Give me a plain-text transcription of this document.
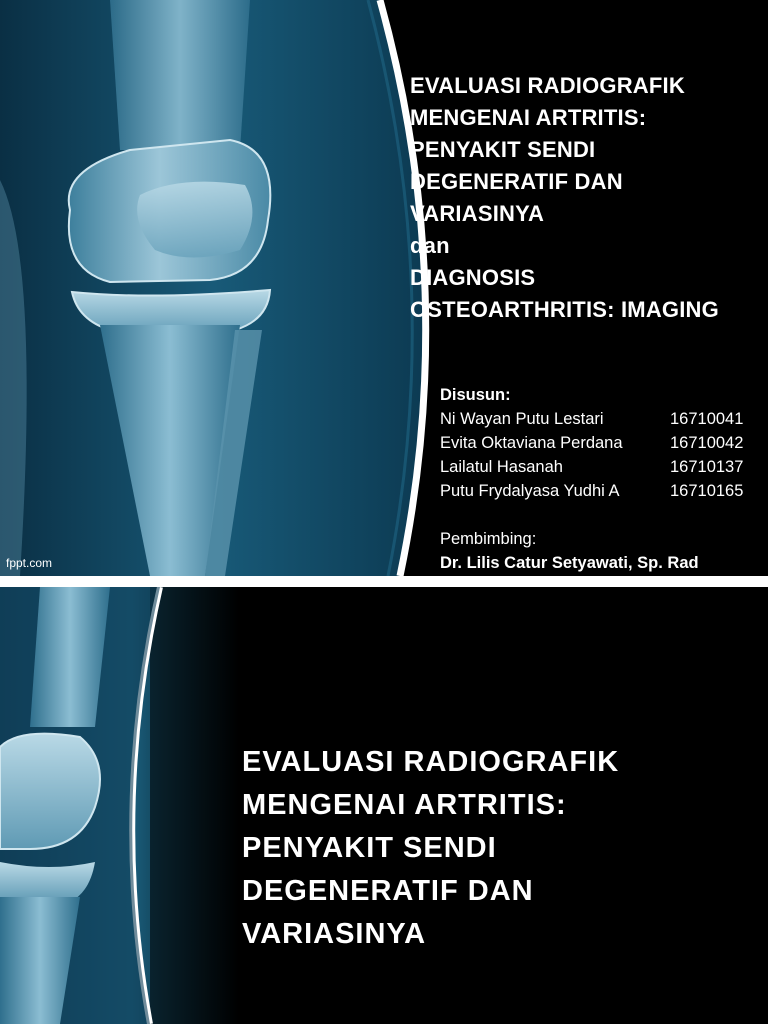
EVALUASI RADIOGRAFIK
MENGENAI ARTRITIS:
PENYAKIT SENDI
DEGENERATIF DAN
VARIASINYA
dan
DIAGNOSIS
OSTEOARTHRITIS: IMAGING
Disusun:
Ni Wayan Putu Lestari	16710041
Evita Oktaviana Perdana	16710042
Lailatul Hasanah	16710137
Putu Frydalyasa Yudhi A	16710165
Pembimbing:
Dr. Lilis Catur Setyawati, Sp. Rad
fppt.com
EVALUASI RADIOGRAFIK
MENGENAI ARTRITIS:
PENYAKIT SENDI
DEGENERATIF DAN
VARIASINYA
